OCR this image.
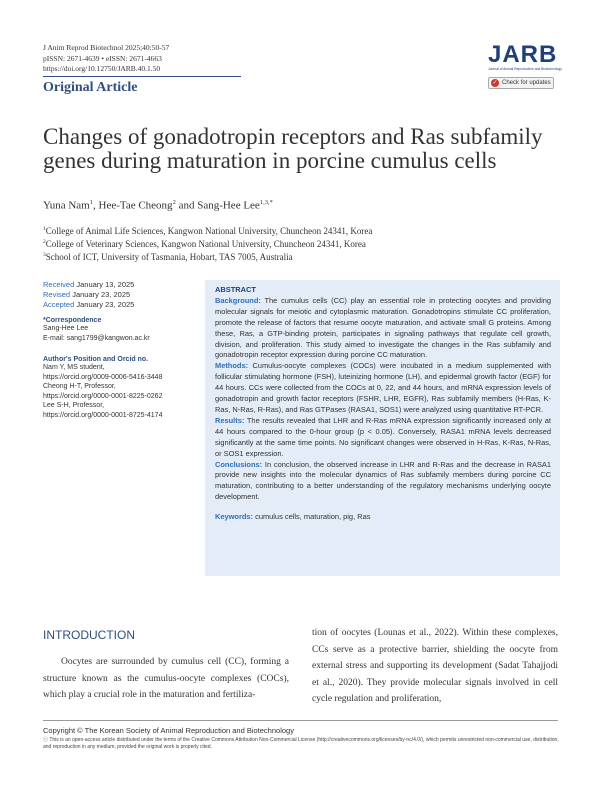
J Anim Reprod Biotechnol 2025;40:50-57
pISSN: 2671-4639 • eISSN: 2671-4663
https://doi.org/10.12750/JARB.40.1.50
Original Article
JARB
Journal of Animal Reproduction and Biotechnology
✓ Check for updates
Changes of gonadotropin receptors and Ras subfamily genes during maturation in porcine cumulus cells
Yuna Nam$^1$, Hee-Tae Cheong$^2$ and Sang-Hee Lee$^{1,3,*}$
$^1$College of Animal Life Sciences, Kangwon National University, Chuncheon 24341, Korea
$^2$College of Veterinary Sciences, Kangwon National University, Chuncheon 24341, Korea
$^3$School of ICT, University of Tasmania, Hobart, TAS 7005, Australia
Received January 13, 2025
Revised January 23, 2025
Accepted January 23, 2025
*Correspondence
Sang-Hee Lee
E-mail: sang1799@kangwon.ac.kr
Author's Position and Orcid no.
Nam Y, MS student,
https://orcid.org/0009-0006-5416-3448
Cheong H-T, Professor,
https://orcid.org/0000-0001-8225-0262
Lee S-H, Professor,
https://orcid.org/0000-0001-8725-4174
ABSTRACT

Background: The cumulus cells (CC) play an essential role in protecting oocytes and providing molecular signals for meiotic and cytoplasmic maturation. Gonadotropins stimulate CC proliferation, promote the release of factors that resume oocyte maturation, and activate small G proteins. Among these, Ras, a GTP-binding protein, participates in signaling pathways that regulate cell growth, division, and proliferation. This study aimed to investigate the changes in the Ras subfamily and gonadotropin receptor expression during porcine CC maturation.

Methods: Cumulus-oocyte complexes (COCs) were incubated in a medium supplemented with follicular stimulating hormone (FSH), luteinizing hormone (LH), and epidermal growth factor (EGF) for 44 hours. CCs were collected from the COCs at 0, 22, and 44 hours, and mRNA expression levels of gonadotropin and growth factor receptors (FSHR, LHR, EGFR), Ras subfamily members (H-Ras, K-Ras, N-Ras, R-Ras), and Ras GTPases (RASA1, SOS1) were analyzed using quantitative RT-PCR.

Results: The results revealed that LHR and R-Ras mRNA expression significantly increased only at 44 hours compared to the 0-hour group (p < 0.05). Conversely, RASA1 mRNA levels decreased significantly at the same time points. No significant changes were observed in H-Ras, K-Ras, N-Ras, or SOS1 expression.

Conclusions: In conclusion, the observed increase in LHR and R-Ras and the decrease in RASA1 provide new insights into the molecular dynamics of Ras subfamily members during porcine CC maturation, contributing to a better understanding of the regulatory mechanisms underlying oocyte development.

Keywords: cumulus cells, maturation, pig, Ras

INTRODUCTION

Oocytes are surrounded by cumulus cell (CC), forming a structure known as the cumulus-oocyte complexes (COCs), which play a crucial role in the maturation and fertiliza-

tion of oocytes (Lounas et al., 2022). Within these complexes, CCs serve as a protective barrier, shielding the oocyte from external stress and supporting its development (Sadat Tahajjodi et al., 2020). They provide molecular signals involved in cell cycle regulation and proliferation,

Copyright © The Korean Society of Animal Reproduction and Biotechnology
ⓒ This is an open-access article distributed under the terms of the Creative Commons Attribution Non-Commercial License (http://creativecommons.org/licenses/by-nc/4.0/), which permits unrestricted non-commercial use, distribution, and reproduction in any medium, provided the original work is properly cited.
